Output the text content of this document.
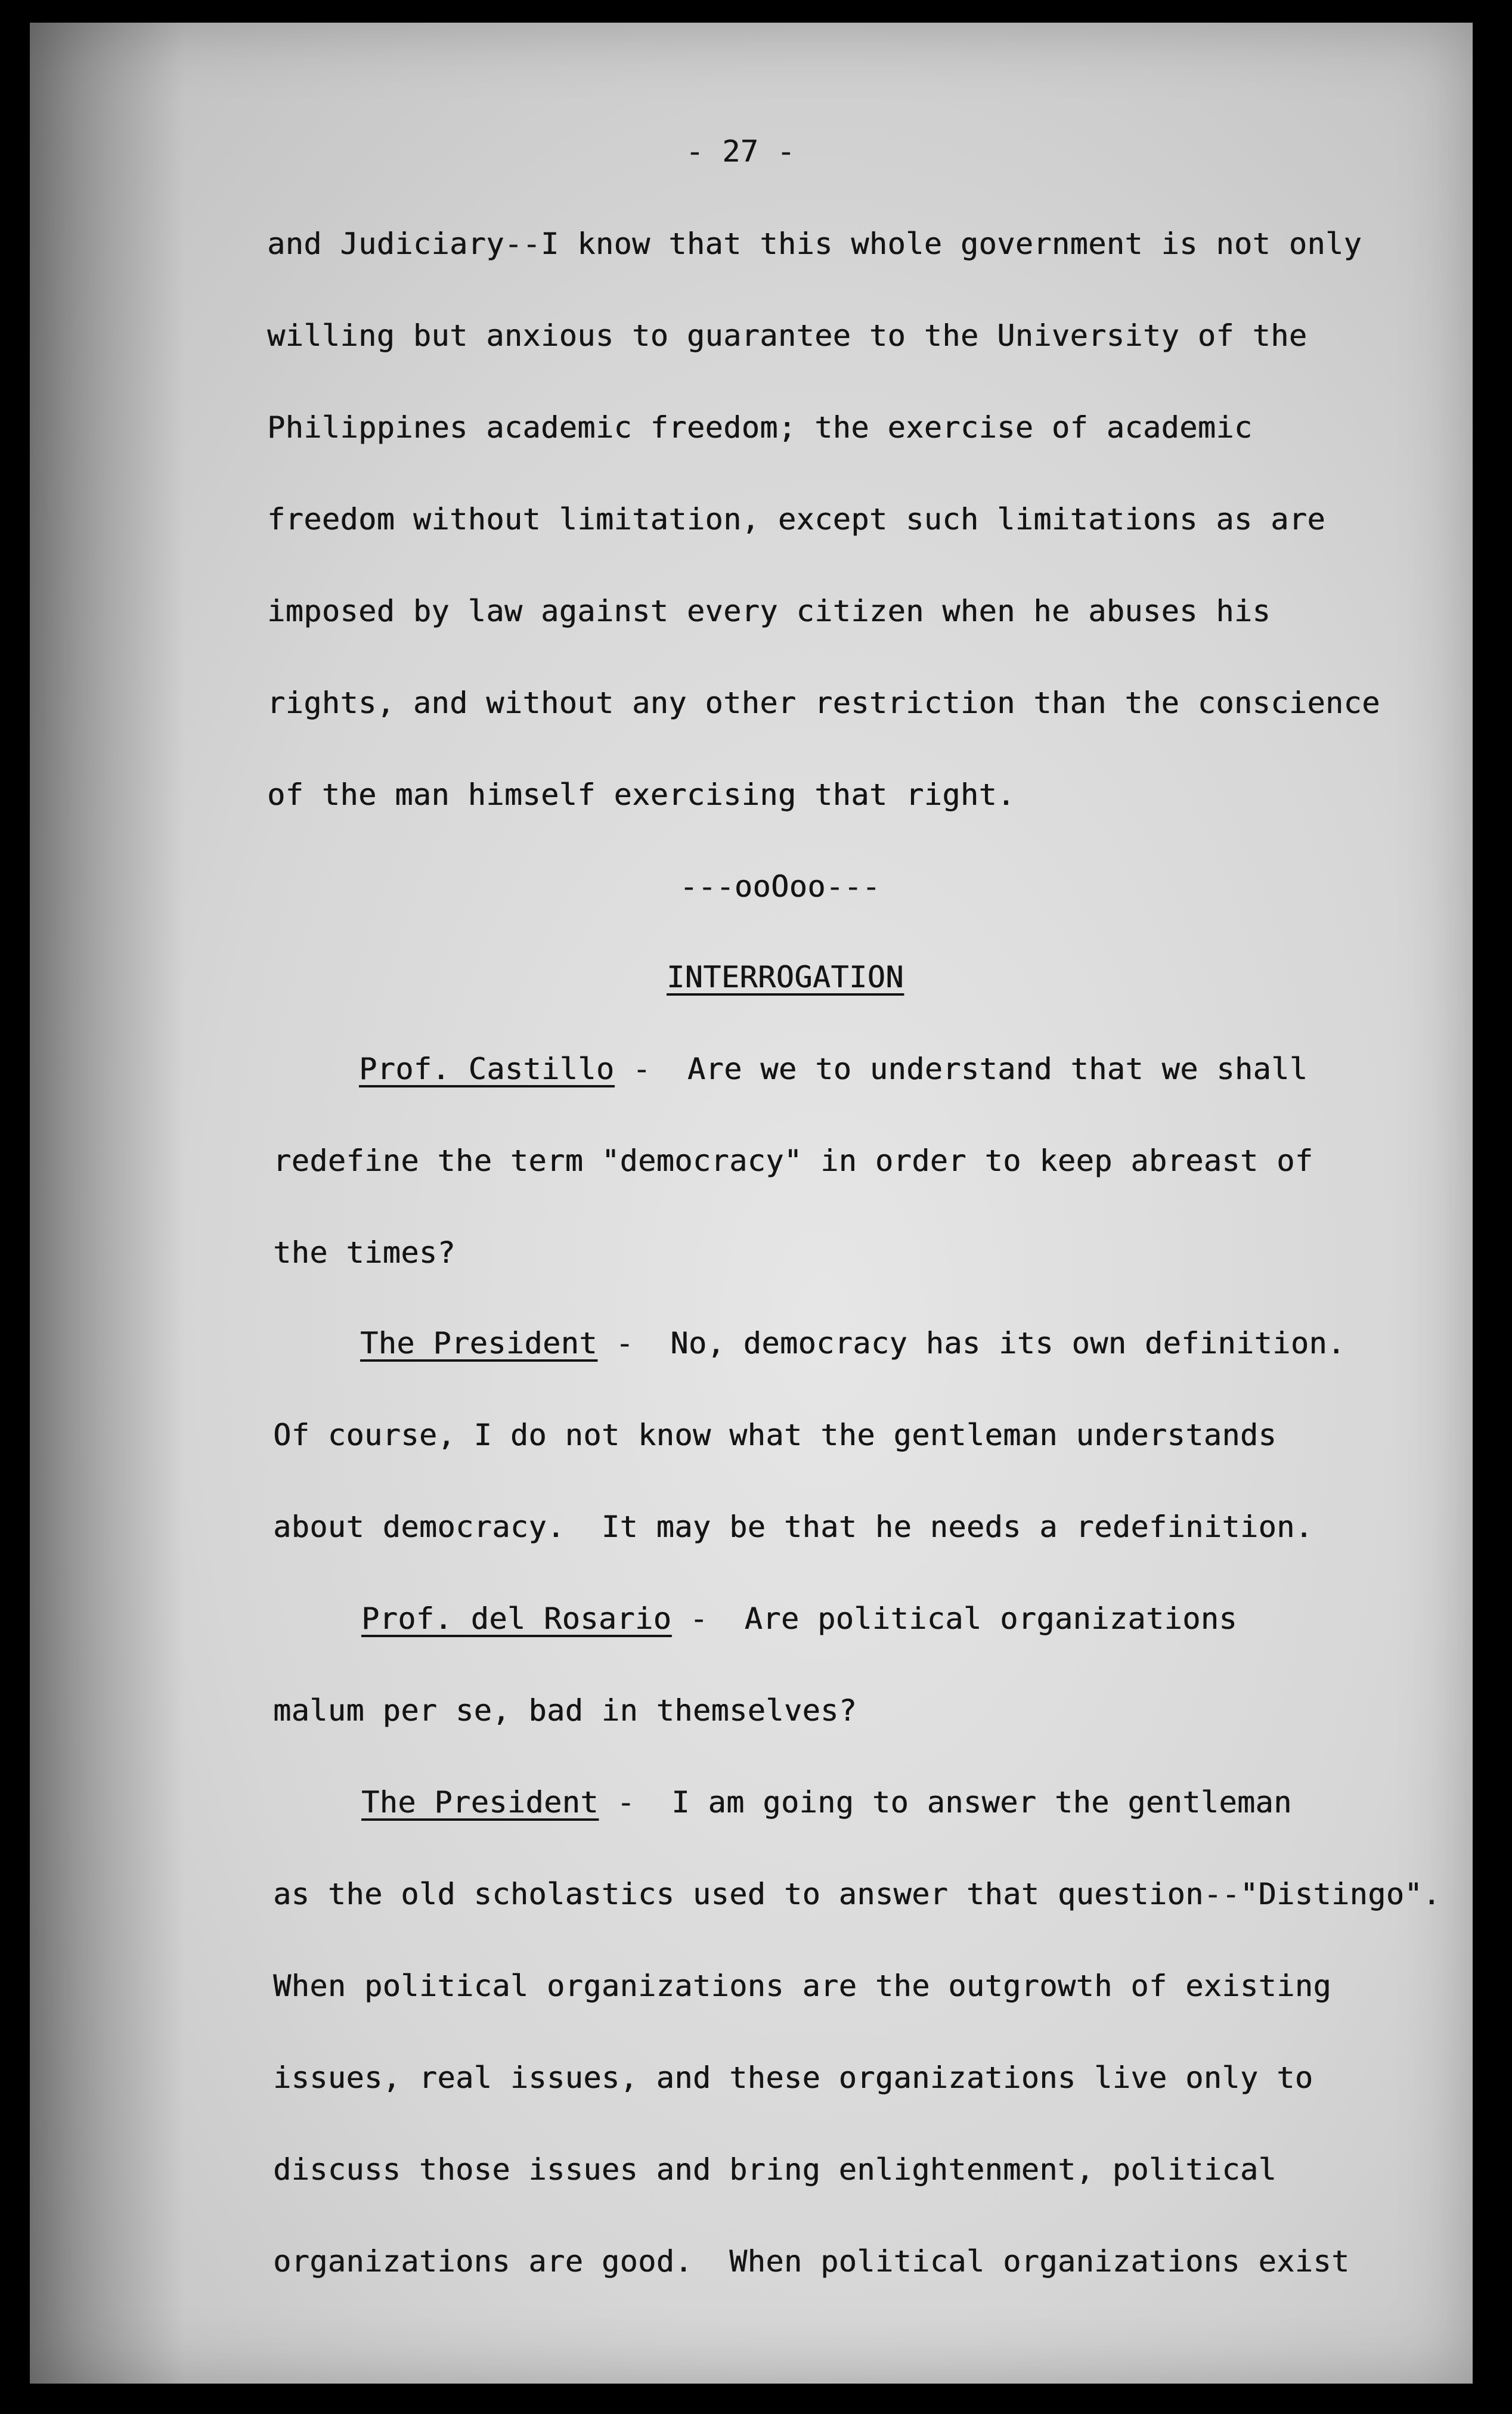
- 27 -
and Judiciary--I know that this whole government is not only
willing but anxious to guarantee to the University of the
Philippines academic freedom; the exercise of academic
freedom without limitation, except such limitations as are
imposed by law against every citizen when he abuses his
rights, and without any other restriction than the conscience
of the man himself exercising that right.
---ooOoo---
INTERROGATION
Prof. Castillo -  Are we to understand that we shall
redefine the term "democracy" in order to keep abreast of
the times?
The President -  No, democracy has its own definition.
Of course, I do not know what the gentleman understands
about democracy.  It may be that he needs a redefinition.
Prof. del Rosario -  Are political organizations
malum per se, bad in themselves?
The President -  I am going to answer the gentleman
as the old scholastics used to answer that question--"Distingo".
When political organizations are the outgrowth of existing
issues, real issues, and these organizations live only to
discuss those issues and bring enlightenment, political
organizations are good.  When political organizations exist
